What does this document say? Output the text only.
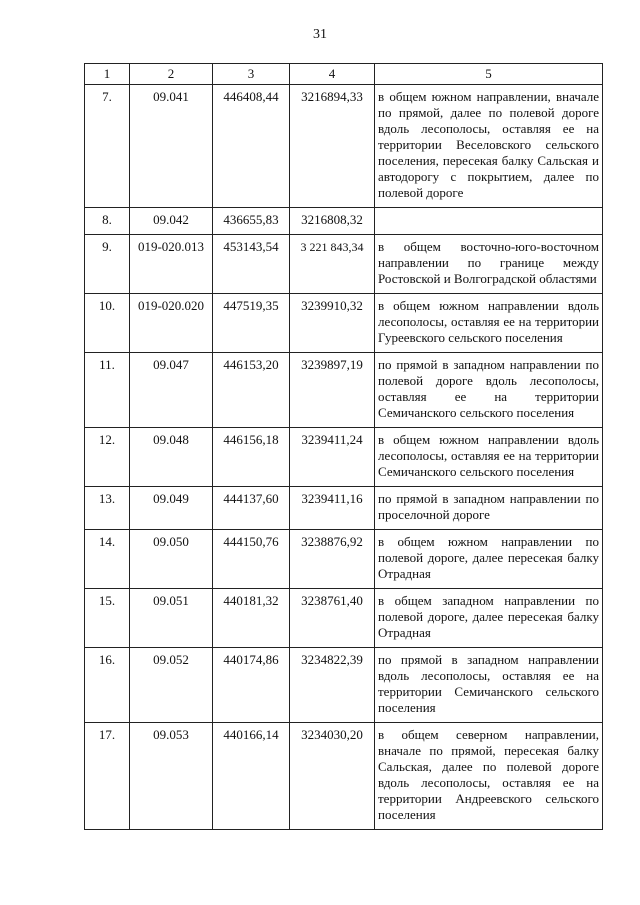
31
1	2	3	4	5
7.	09.041	446408,44	3216894,33	в общем южном направлении, вначале по прямой, далее по полевой дороге вдоль лесополосы, оставляя ее на территории Веселовского сельского поселения, пересекая балку Сальская и автодорогу с покрытием, далее по полевой дороге
8.	09.042	436655,83	3216808,32	
9.	019-020.013	453143,54	3 221 843,34	в общем восточно-юго-восточном направлении по границе между Ростовской и Волгоградской областями
10.	019-020.020	447519,35	3239910,32	в общем южном направлении вдоль лесополосы, оставляя ее на территории Гуреевского сельского поселения
11.	09.047	446153,20	3239897,19	по прямой в западном направлении по полевой дороге вдоль лесополосы, оставляя ее на территории Семичанского сельского поселения
12.	09.048	446156,18	3239411,24	в общем южном направлении вдоль лесополосы, оставляя ее на территории Семичанского сельского поселения
13.	09.049	444137,60	3239411,16	по прямой в западном направлении по проселочной дороге
14.	09.050	444150,76	3238876,92	в общем южном направлении по полевой дороге, далее пересекая балку Отрадная
15.	09.051	440181,32	3238761,40	в общем западном направлении по полевой дороге, далее пересекая балку Отрадная
16.	09.052	440174,86	3234822,39	по прямой в западном направлении вдоль лесополосы, оставляя ее на территории Семичанского сельского поселения
17.	09.053	440166,14	3234030,20	в общем северном направлении, вначале по прямой, пересекая балку Сальская, далее по полевой дороге вдоль лесополосы, оставляя ее на территории Андреевского сельского поселения
